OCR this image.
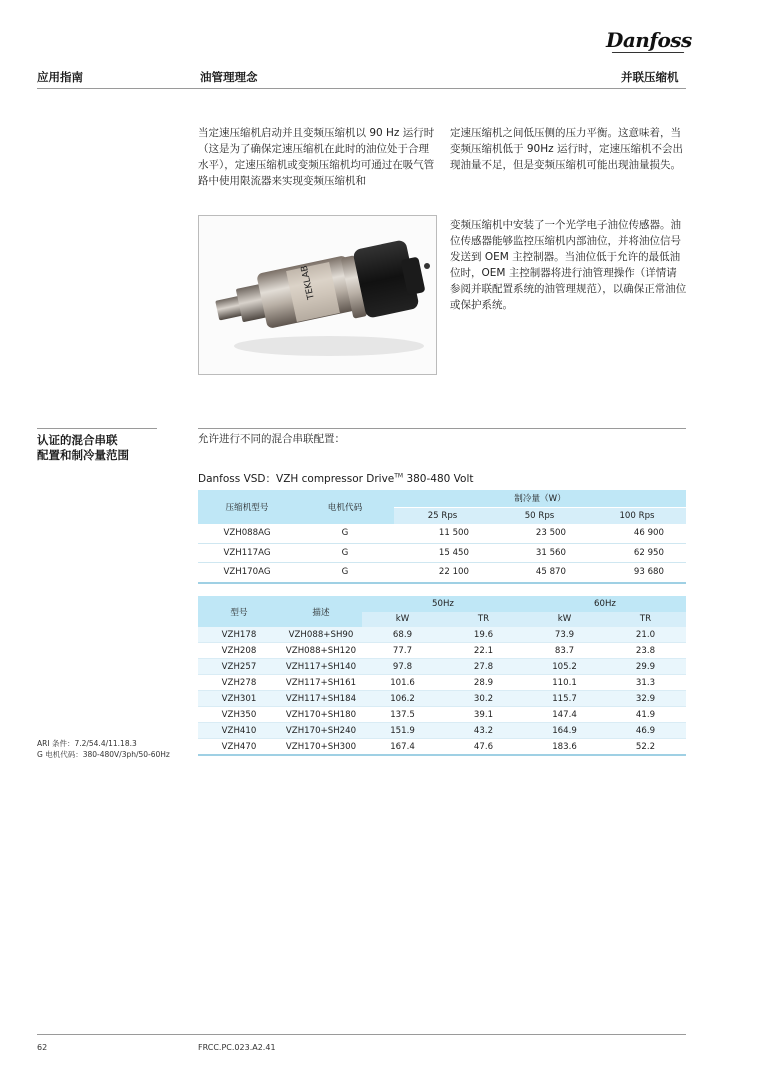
Danfoss
应用指南	油管理理念	并联压缩机
当定速压缩机启动并且变频压缩机以 90 Hz 运行时（这是为了确保定速压缩机在此时的油位处于合理水平），定速压缩机或变频压缩机均可通过在吸气管路中使用限流器来实现变频压缩机和
定速压缩机之间低压侧的压力平衡。这意味着，当变频压缩机低于 90Hz 运行时，定速压缩机不会出现油量不足，但是变频压缩机可能出现油量损失。
变频压缩机中安装了一个光学电子油位传感器。油位传感器能够监控压缩机内部油位，并将油位信号发送到 OEM 主控制器。当油位低于允许的最低油位时，OEM 主控制器将进行油管理操作（详情请参阅并联配置系统的油管理规范），以确保正常油位或保护系统。
TEKLAB
认证的混合串联
配置和制冷量范围
允许进行不同的混合串联配置：
Danfoss VSD：VZH compressor Drive™ 380-480 Volt
压缩机型号	电机代码	制冷量（W）		
		25 Rps	50 Rps	100 Rps
VZH088AG	G	11 500	23 500	46 900
VZH117AG	G	15 450	31 560	62 950
VZH170AG	G	22 100	45 870	93 680
型号	描述	50Hz		60Hz	
		kW	TR	kW	TR
VZH178	VZH088+SH90	68.9	19.6	73.9	21.0
VZH208	VZH088+SH120	77.7	22.1	83.7	23.8
VZH257	VZH117+SH140	97.8	27.8	105.2	29.9
VZH278	VZH117+SH161	101.6	28.9	110.1	31.3
VZH301	VZH117+SH184	106.2	30.2	115.7	32.9
VZH350	VZH170+SH180	137.5	39.1	147.4	41.9
VZH410	VZH170+SH240	151.9	43.2	164.9	46.9
VZH470	VZH170+SH300	167.4	47.6	183.6	52.2
ARI 条件：7.2/54.4/11.18.3
G 电机代码：380-480V/3ph/50-60Hz
62	FRCC.PC.023.A2.41
